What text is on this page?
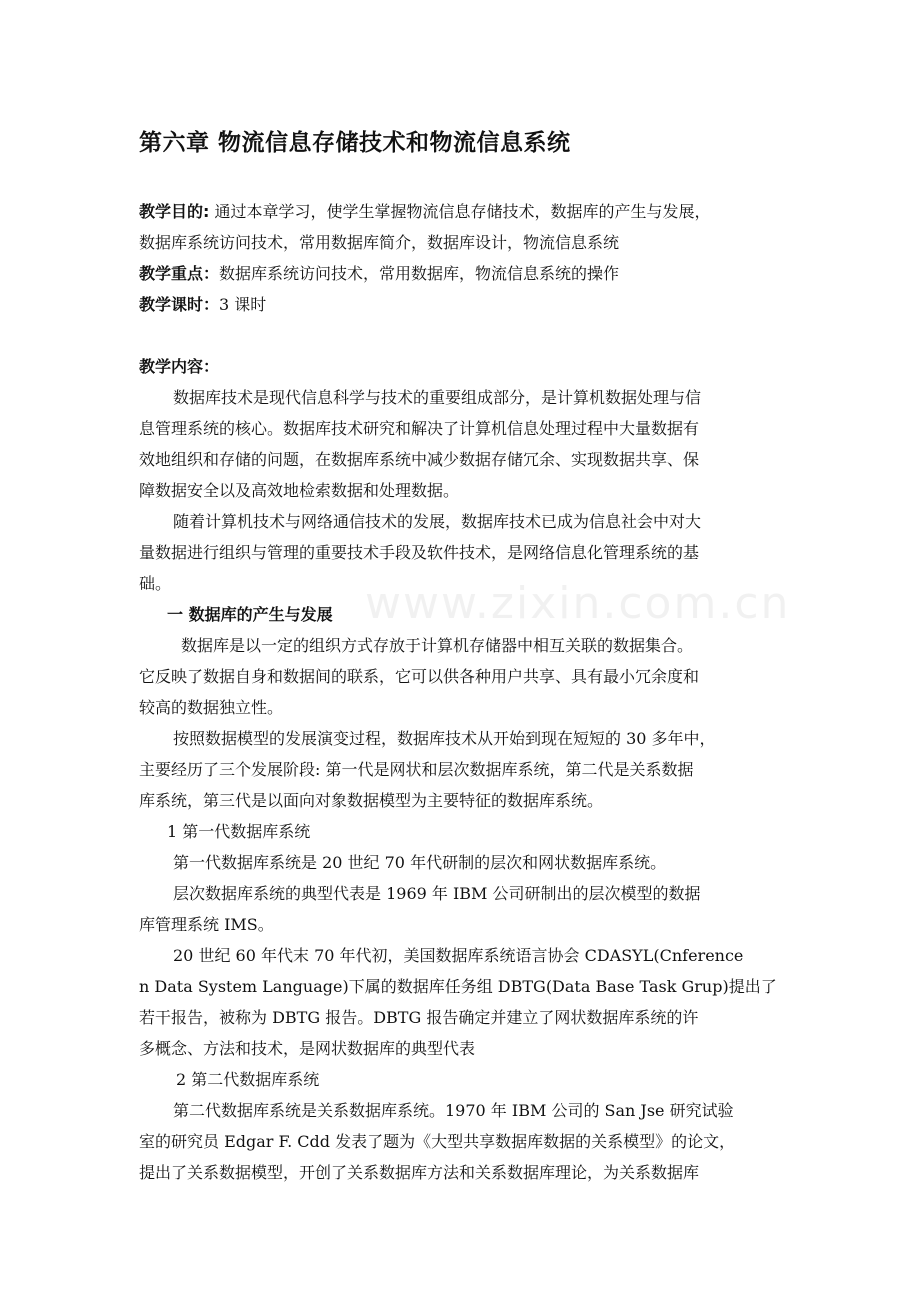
www.zixin.com.cn
第六章 物流信息存储技术和物流信息系统
教学目的: 通过本章学习，使学生掌握物流信息存储技术，数据库的产生与发展，
数据库系统访问技术，常用数据库简介，数据库设计，物流信息系统
教学重点：数据库系统访问技术，常用数据库，物流信息系统的操作
教学课时：3 课时
教学内容：
数据库技术是现代信息科学与技术的重要组成部分，是计算机数据处理与信
息管理系统的核心。数据库技术研究和解决了计算机信息处理过程中大量数据有
效地组织和存储的问题，在数据库系统中减少数据存储冗余、实现数据共享、保
障数据安全以及高效地检索数据和处理数据。
随着计算机技术与网络通信技术的发展，数据库技术已成为信息社会中对大
量数据进行组织与管理的重要技术手段及软件技术，是网络信息化管理系统的基
础。
一 数据库的产生与发展
数据库是以一定的组织方式存放于计算机存储器中相互关联的数据集合。
它反映了数据自身和数据间的联系，它可以供各种用户共享、具有最小冗余度和
较高的数据独立性。
按照数据模型的发展演变过程，数据库技术从开始到现在短短的 30 多年中，
主要经历了三个发展阶段: 第一代是网状和层次数据库系统，第二代是关系数据
库系统，第三代是以面向对象数据模型为主要特征的数据库系统。
1 第一代数据库系统
第一代数据库系统是 20 世纪 70 年代研制的层次和网状数据库系统。
层次数据库系统的典型代表是 1969 年 IBM 公司研制出的层次模型的数据
库管理系统 IMS。
20 世纪 60 年代末 70 年代初，美国数据库系统语言协会 CDASYL(Cnferenc​e
n Data System Language)下属的数据库任务组 DBTG(Data Base Task Grup)提出了
若干报告，被称为 DBTG 报告。DBTG 报告确定并建立了网状数据库系统的许
多概念、方法和技术，是网状数据库的典型代表
2 第二代数据库系统
第二代数据库系统是关系数据库系统。1970 年 IBM 公司的 San Jse 研究试验
室的研究员 Edgar F. Cdd 发表了题为《大型共享数据库数据的关系模型》的论文，
提出了关系数据模型，开创了关系数据库方法和关系数据库理论，为关系数据库
